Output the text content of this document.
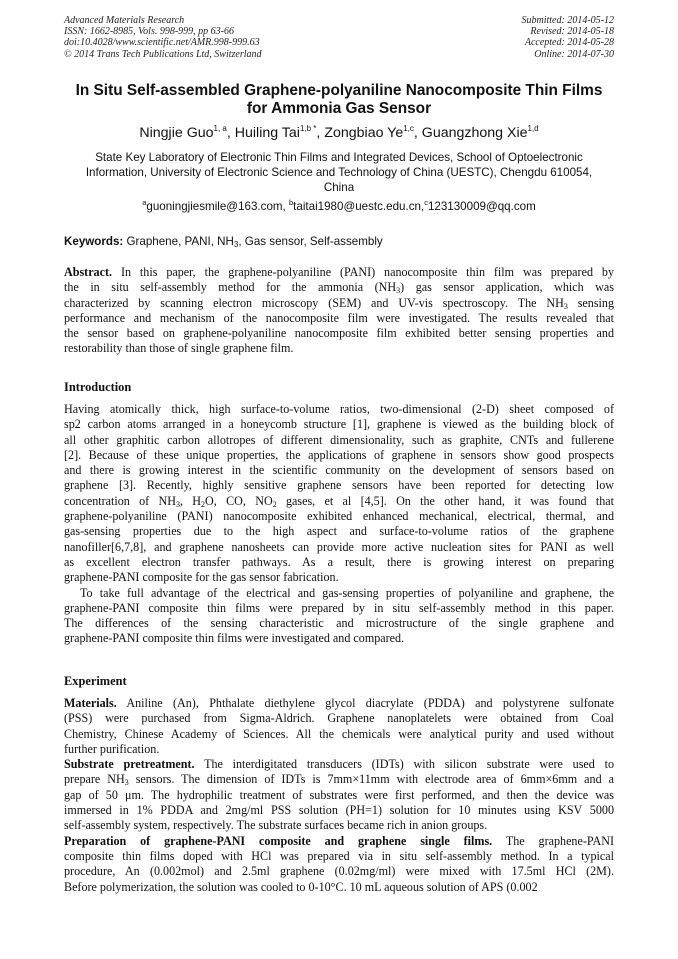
Advanced Materials Research
ISSN: 1662-8985, Vols. 998-999, pp 63-66
doi:10.4028/www.scientific.net/AMR.998-999.63
© 2014 Trans Tech Publications Ltd, Switzerland
Submitted: 2014-05-12
Revised: 2014-05-18
Accepted: 2014-05-28
Online: 2014-07-30
In Situ Self-assembled Graphene-polyaniline Nanocomposite Thin Films
for Ammonia Gas Sensor
Ningjie Guo$^{1, a}$, Huiling Tai$^{1,b *}$, Zongbiao Ye$^{1,c}$, Guangzhong Xie$^{1,d}$
State Key Laboratory of Electronic Thin Films and Integrated Devices, School of Optoelectronic
Information, University of Electronic Science and Technology of China (UESTC), Chengdu 610054,
China
$^a$guoningjiesmile@163.com, $^b$taitai1980@uestc.edu.cn,$^c$123130009@qq.com
Keywords: Graphene, PANI, $NH_3$, Gas sensor, Self-assembly
Abstract. In this paper, the graphene-polyaniline (PANI) nanocomposite thin film was prepared by
the in situ self-assembly method for the ammonia $(NH_3)$ gas sensor application, which was
characterized by scanning electron microscopy (SEM) and UV-vis spectroscopy. The $NH_3$ sensing
performance and mechanism of the nanocomposite film were investigated. The results revealed that
the sensor based on graphene-polyaniline nanocomposite film exhibited better sensing properties and
restorability than those of single graphene film.
Introduction
Having atomically thick, high surface-to-volume ratios, two-dimensional (2-D) sheet composed of
sp2 carbon atoms arranged in a honeycomb structure [1], graphene is viewed as the building block of
all other graphitic carbon allotropes of different dimensionality, such as graphite, CNTs and fullerene
[2]. Because of these unique properties, the applications of graphene in sensors show good prospects
and there is growing interest in the scientific community on the development of sensors based on
graphene [3]. Recently, highly sensitive graphene sensors have been reported for detecting low
concentration of $NH_3$, $H_2O$, CO, $NO_2$ gases, et al [4,5]. On the other hand, it was found that
graphene-polyaniline (PANI) nanocomposite exhibited enhanced mechanical, electrical, thermal, and
gas-sensing properties due to the high aspect and surface-to-volume ratios of the graphene
nanofiller[6,7,8], and graphene nanosheets can provide more active nucleation sites for PANI as well
as excellent electron transfer pathways. As a result, there is growing interest on preparing
graphene-PANI composite for the gas sensor fabrication.
To take full advantage of the electrical and gas-sensing properties of polyaniline and graphene, the
graphene-PANI composite thin films were prepared by in situ self-assembly method in this paper.
The differences of the sensing characteristic and microstructure of the single graphene and
graphene-PANI composite thin films were investigated and compared.
Experiment
Materials. Aniline (An), Phthalate diethylene glycol diacrylate (PDDA) and polystyrene sulfonate
(PSS) were purchased from Sigma-Aldrich. Graphene nanoplatelets were obtained from Coal
Chemistry, Chinese Academy of Sciences. All the chemicals were analytical purity and used without
further purification.
Substrate pretreatment. The interdigitated transducers (IDTs) with silicon substrate were used to
prepare $NH_3$ sensors. The dimension of IDTs is 7mm×11mm with electrode area of 6mm×6mm and a
gap of 50 μm. The hydrophilic treatment of substrates were first performed, and then the device was
immersed in 1% PDDA and 2mg/ml PSS solution (PH=1) solution for 10 minutes using KSV 5000
self-assembly system, respectively. The substrate surfaces became rich in anion groups.
Preparation of graphene-PANI composite and graphene single films. The graphene-PANI
composite thin films doped with HCl was prepared via in situ self-assembly method. In a typical
procedure, An (0.002mol) and 2.5ml graphene (0.02mg/ml) were mixed with 17.5ml HCl (2M).
Before polymerization, the solution was cooled to 0-10°C. 10 mL aqueous solution of APS (0.002
